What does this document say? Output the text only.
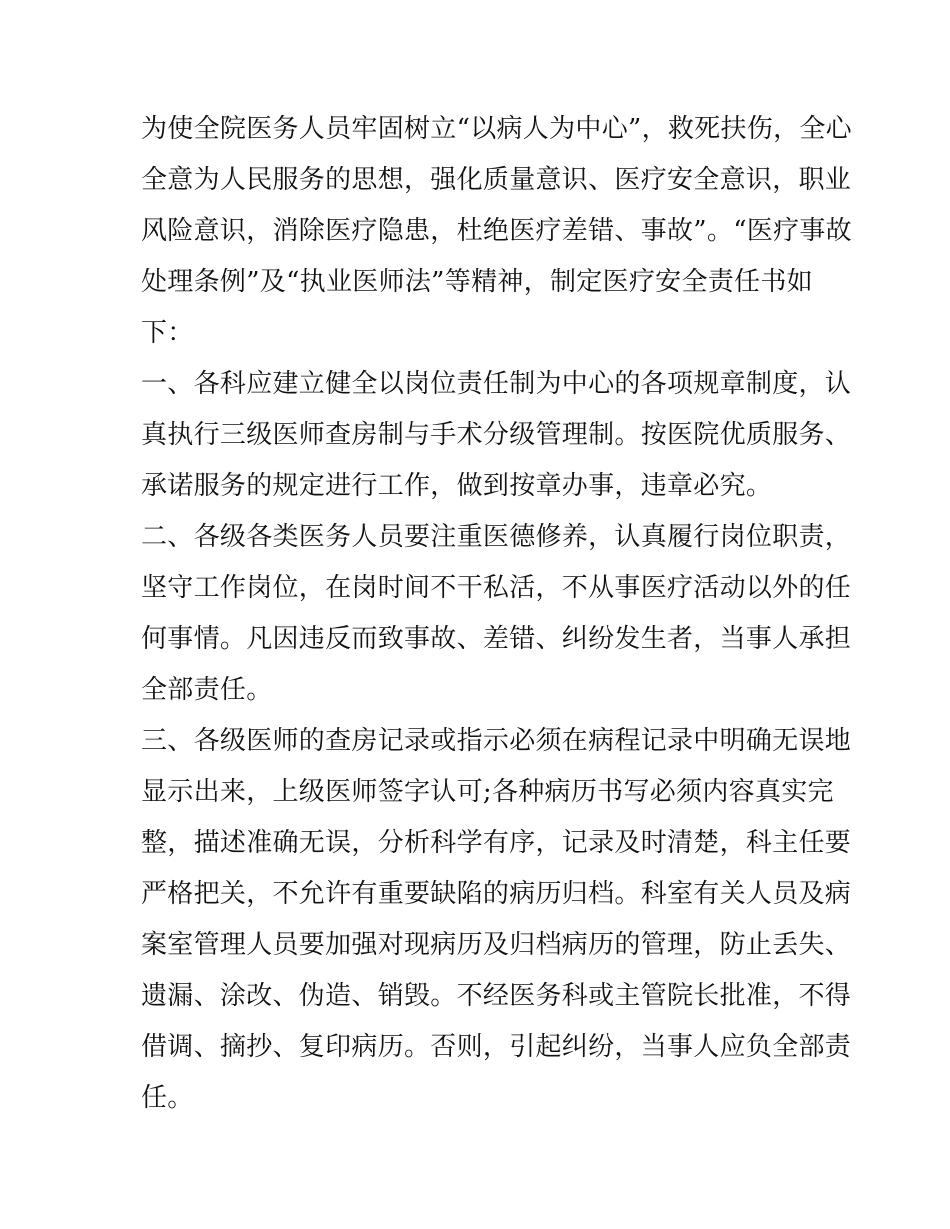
为使全院医务人员牢固树立“以病人为中心”，救死扶伤，全心
全意为人民服务的思想，强化质量意识、医疗安全意识，职业
风险意识，消除医疗隐患，杜绝医疗差错、事故”。“医疗事故
处理条例”及“执业医师法”等精神，制定医疗安全责任书如
下：
一、各科应建立健全以岗位责任制为中心的各项规章制度，认
真执行三级医师查房制与手术分级管理制。按医院优质服务、
承诺服务的规定进行工作，做到按章办事，违章必究。
二、各级各类医务人员要注重医德修养，认真履行岗位职责，
坚守工作岗位，在岗时间不干私活，不从事医疗活动以外的任
何事情。凡因违反而致事故、差错、纠纷发生者，当事人承担
全部责任。
三、各级医师的查房记录或指示必须在病程记录中明确无误地
显示出来，上级医师签字认可;各种病历书写必须内容真实完
整，描述准确无误，分析科学有序，记录及时清楚，科主任要
严格把关，不允许有重要缺陷的病历归档。科室有关人员及病
案室管理人员要加强对现病历及归档病历的管理，防止丢失、
遗漏、涂改、伪造、销毁。不经医务科或主管院长批准，不得
借调、摘抄、复印病历。否则，引起纠纷，当事人应负全部责
任。
